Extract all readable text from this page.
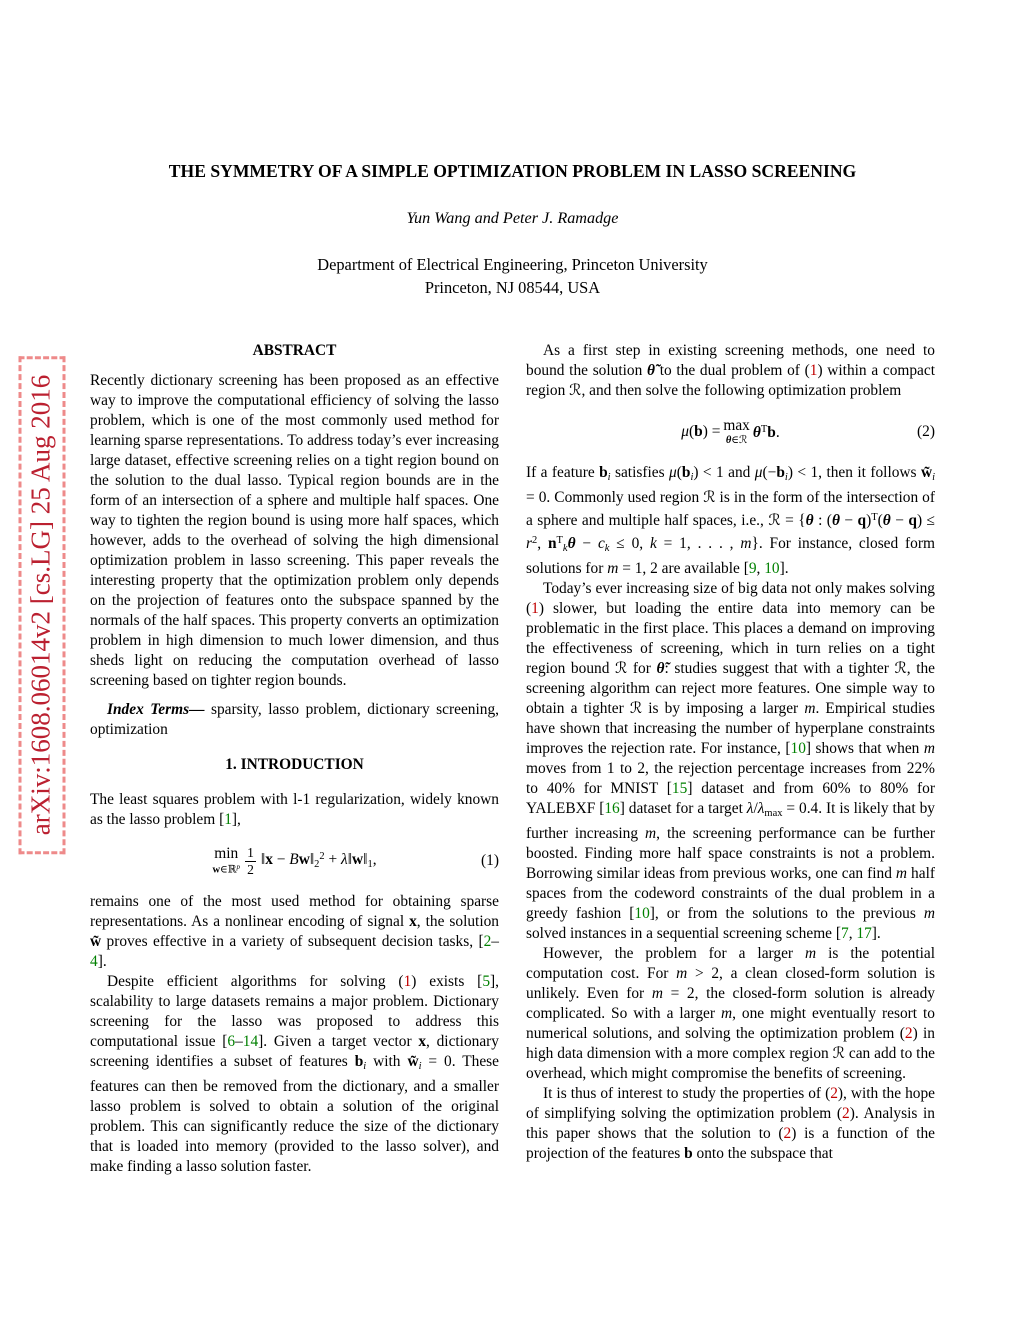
arXiv:1608.06014v2 [cs.LG] 25 Aug 2016
THE SYMMETRY OF A SIMPLE OPTIMIZATION PROBLEM IN LASSO SCREENING
Yun Wang and Peter J. Ramadge
Department of Electrical Engineering, Princeton University
Princeton, NJ 08544, USA
ABSTRACT
Recently dictionary screening has been proposed as an effective way to improve the computational efficiency of solving the lasso problem, which is one of the most commonly used method for learning sparse representations. To address today’s ever increasing large dataset, effective screening relies on a tight region bound on the solution to the dual lasso. Typical region bounds are in the form of an intersection of a sphere and multiple half spaces. One way to tighten the region bound is using more half spaces, which however, adds to the overhead of solving the high dimensional optimization problem in lasso screening. This paper reveals the interesting property that the optimization problem only depends on the projection of features onto the subspace spanned by the normals of the half spaces. This property converts an optimization problem in high dimension to much lower dimension, and thus sheds light on reducing the computation overhead of lasso screening based on tighter region bounds.
Index Terms— sparsity, lasso problem, dictionary screening, optimization
1. INTRODUCTION
The least squares problem with l-1 regularization, widely known as the lasso problem [1],
min
w∈ℝ$^p$ $\frac{1}{2}$ ‖x − $Bw‖_2^2$ + $\lambda‖w‖_1$,	(1)
remains one of the most used method for obtaining sparse representations. As a nonlinear encoding of signal x, the solution w̃ proves effective in a variety of subsequent decision tasks, [2–4].
Despite efficient algorithms for solving (1) exists [5], scalability to large datasets remains a major problem. Dictionary screening for the lasso was proposed to address this computational issue [6–14]. Given a target vector x, dictionary screening identifies a subset of features $b_i$ with $w̃_i = 0$. These features can then be removed from the dictionary, and a smaller lasso problem is solved to obtain a solution of the original problem. This can significantly reduce the size of the dictionary that is loaded into memory (provided to the lasso solver), and make finding a lasso solution faster.
As a first step in existing screening methods, one need to bound the solution θ̃ to the dual problem of (1) within a compact region ℛ, and then solve the following optimization problem
μ(b) = max
θ∈ℛ $\theta^Tb$.	(2)
If a feature $b_i$ satisfies $\mu(b_i) < 1$ and $\mu(-b_i) < 1$, then it follows $w̃_i = 0$. Commonly used region ℛ is in the form of the intersection of a sphere and multiple half spaces, i.e., ℛ = {θ : $(\theta - q)^T(\theta - q) \le r^2$, $n^T_k\theta - c_k \le 0$, k = 1, . . . , m}. For instance, closed form solutions for m = 1, 2 are available [9, 10].
Today’s ever increasing size of big data not only makes solving (1) slower, but loading the entire data into memory can be problematic in the first place. This places a demand on improving the effectiveness of screening, which in turn relies on a tight region bound ℛ for θ̃: studies suggest that with a tighter ℛ, the screening algorithm can reject more features. One simple way to obtain a tighter ℛ is by imposing a larger m. Empirical studies have shown that increasing the number of hyperplane constraints improves the rejection rate. For instance, [10] shows that when m moves from 1 to 2, the rejection percentage increases from 22% to 40% for MNIST [15] dataset and from 60% to 80% for YALEBXF [16] dataset for a target $\lambda/\lambda_{max} = 0.4$. It is likely that by further increasing m, the screening performance can be further boosted. Finding more half space constraints is not a problem. Borrowing similar ideas from previous works, one can find m half spaces from the codeword constraints of the dual problem in a greedy fashion [10], or from the solutions to the previous m solved instances in a sequential screening scheme [7, 17].
However, the problem for a larger m is the potential computation cost. For m > 2, a clean closed-form solution is unlikely. Even for m = 2, the closed-form solution is already complicated. So with a larger m, one might eventually resort to numerical solutions, and solving the optimization problem (2) in high data dimension with a more complex region ℛ can add to the overhead, which might compromise the benefits of screening.
It is thus of interest to study the properties of (2), with the hope of simplifying solving the optimization problem (2). Analysis in this paper shows that the solution to (2) is a function of the projection of the features b onto the subspace that
